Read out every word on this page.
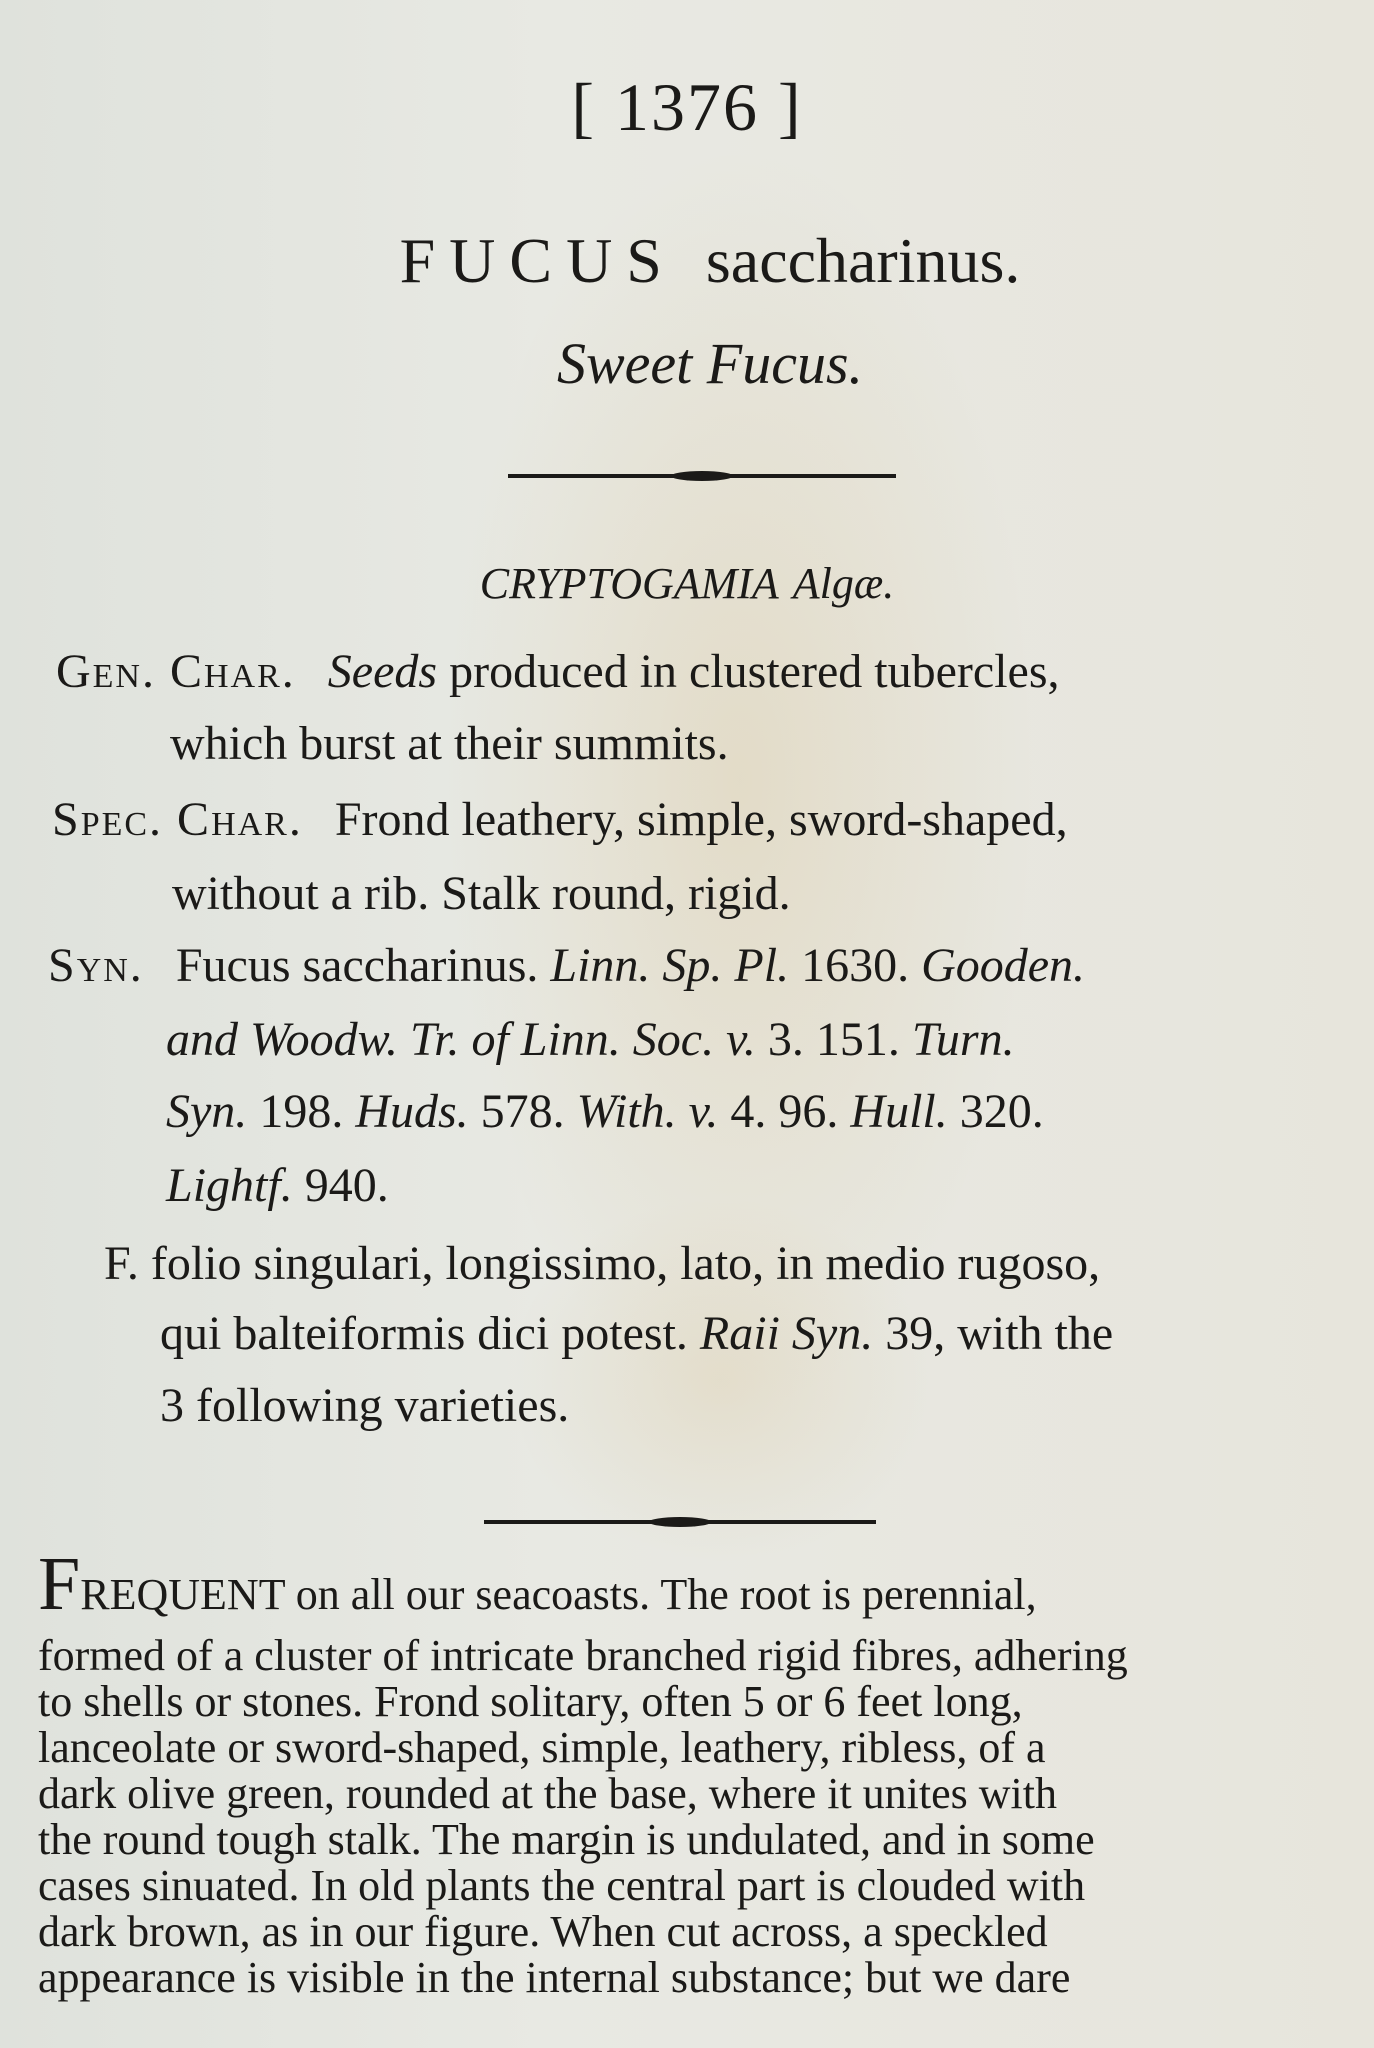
[ 1376 ]
FUCUS saccharinus.
Sweet Fucus.
CRYPTOGAMIA Algæ.
Gen. Char. Seeds produced in clustered tubercles,
which burst at their summits.
Spec. Char. Frond leathery, simple, sword-shaped,
without a rib. Stalk round, rigid.
Syn. Fucus saccharinus. Linn. Sp. Pl. 1630. Gooden.
and Woodw. Tr. of Linn. Soc. v. 3. 151. Turn.
Syn. 198. Huds. 578. With. v. 4. 96. Hull. 320.
Lightf. 940.
F. folio singulari, longissimo, lato, in medio rugoso,
qui balteiformis dici potest. Raii Syn. 39, with the
3 following varieties.
FREQUENT on all our seacoasts. The root is perennial,
formed of a cluster of intricate branched rigid fibres, adhering
to shells or stones. Frond solitary, often 5 or 6 feet long,
lanceolate or sword-shaped, simple, leathery, ribless, of a
dark olive green, rounded at the base, where it unites with
the round tough stalk. The margin is undulated, and in some
cases sinuated. In old plants the central part is clouded with
dark brown, as in our figure. When cut across, a speckled
appearance is visible in the internal substance; but we dare
